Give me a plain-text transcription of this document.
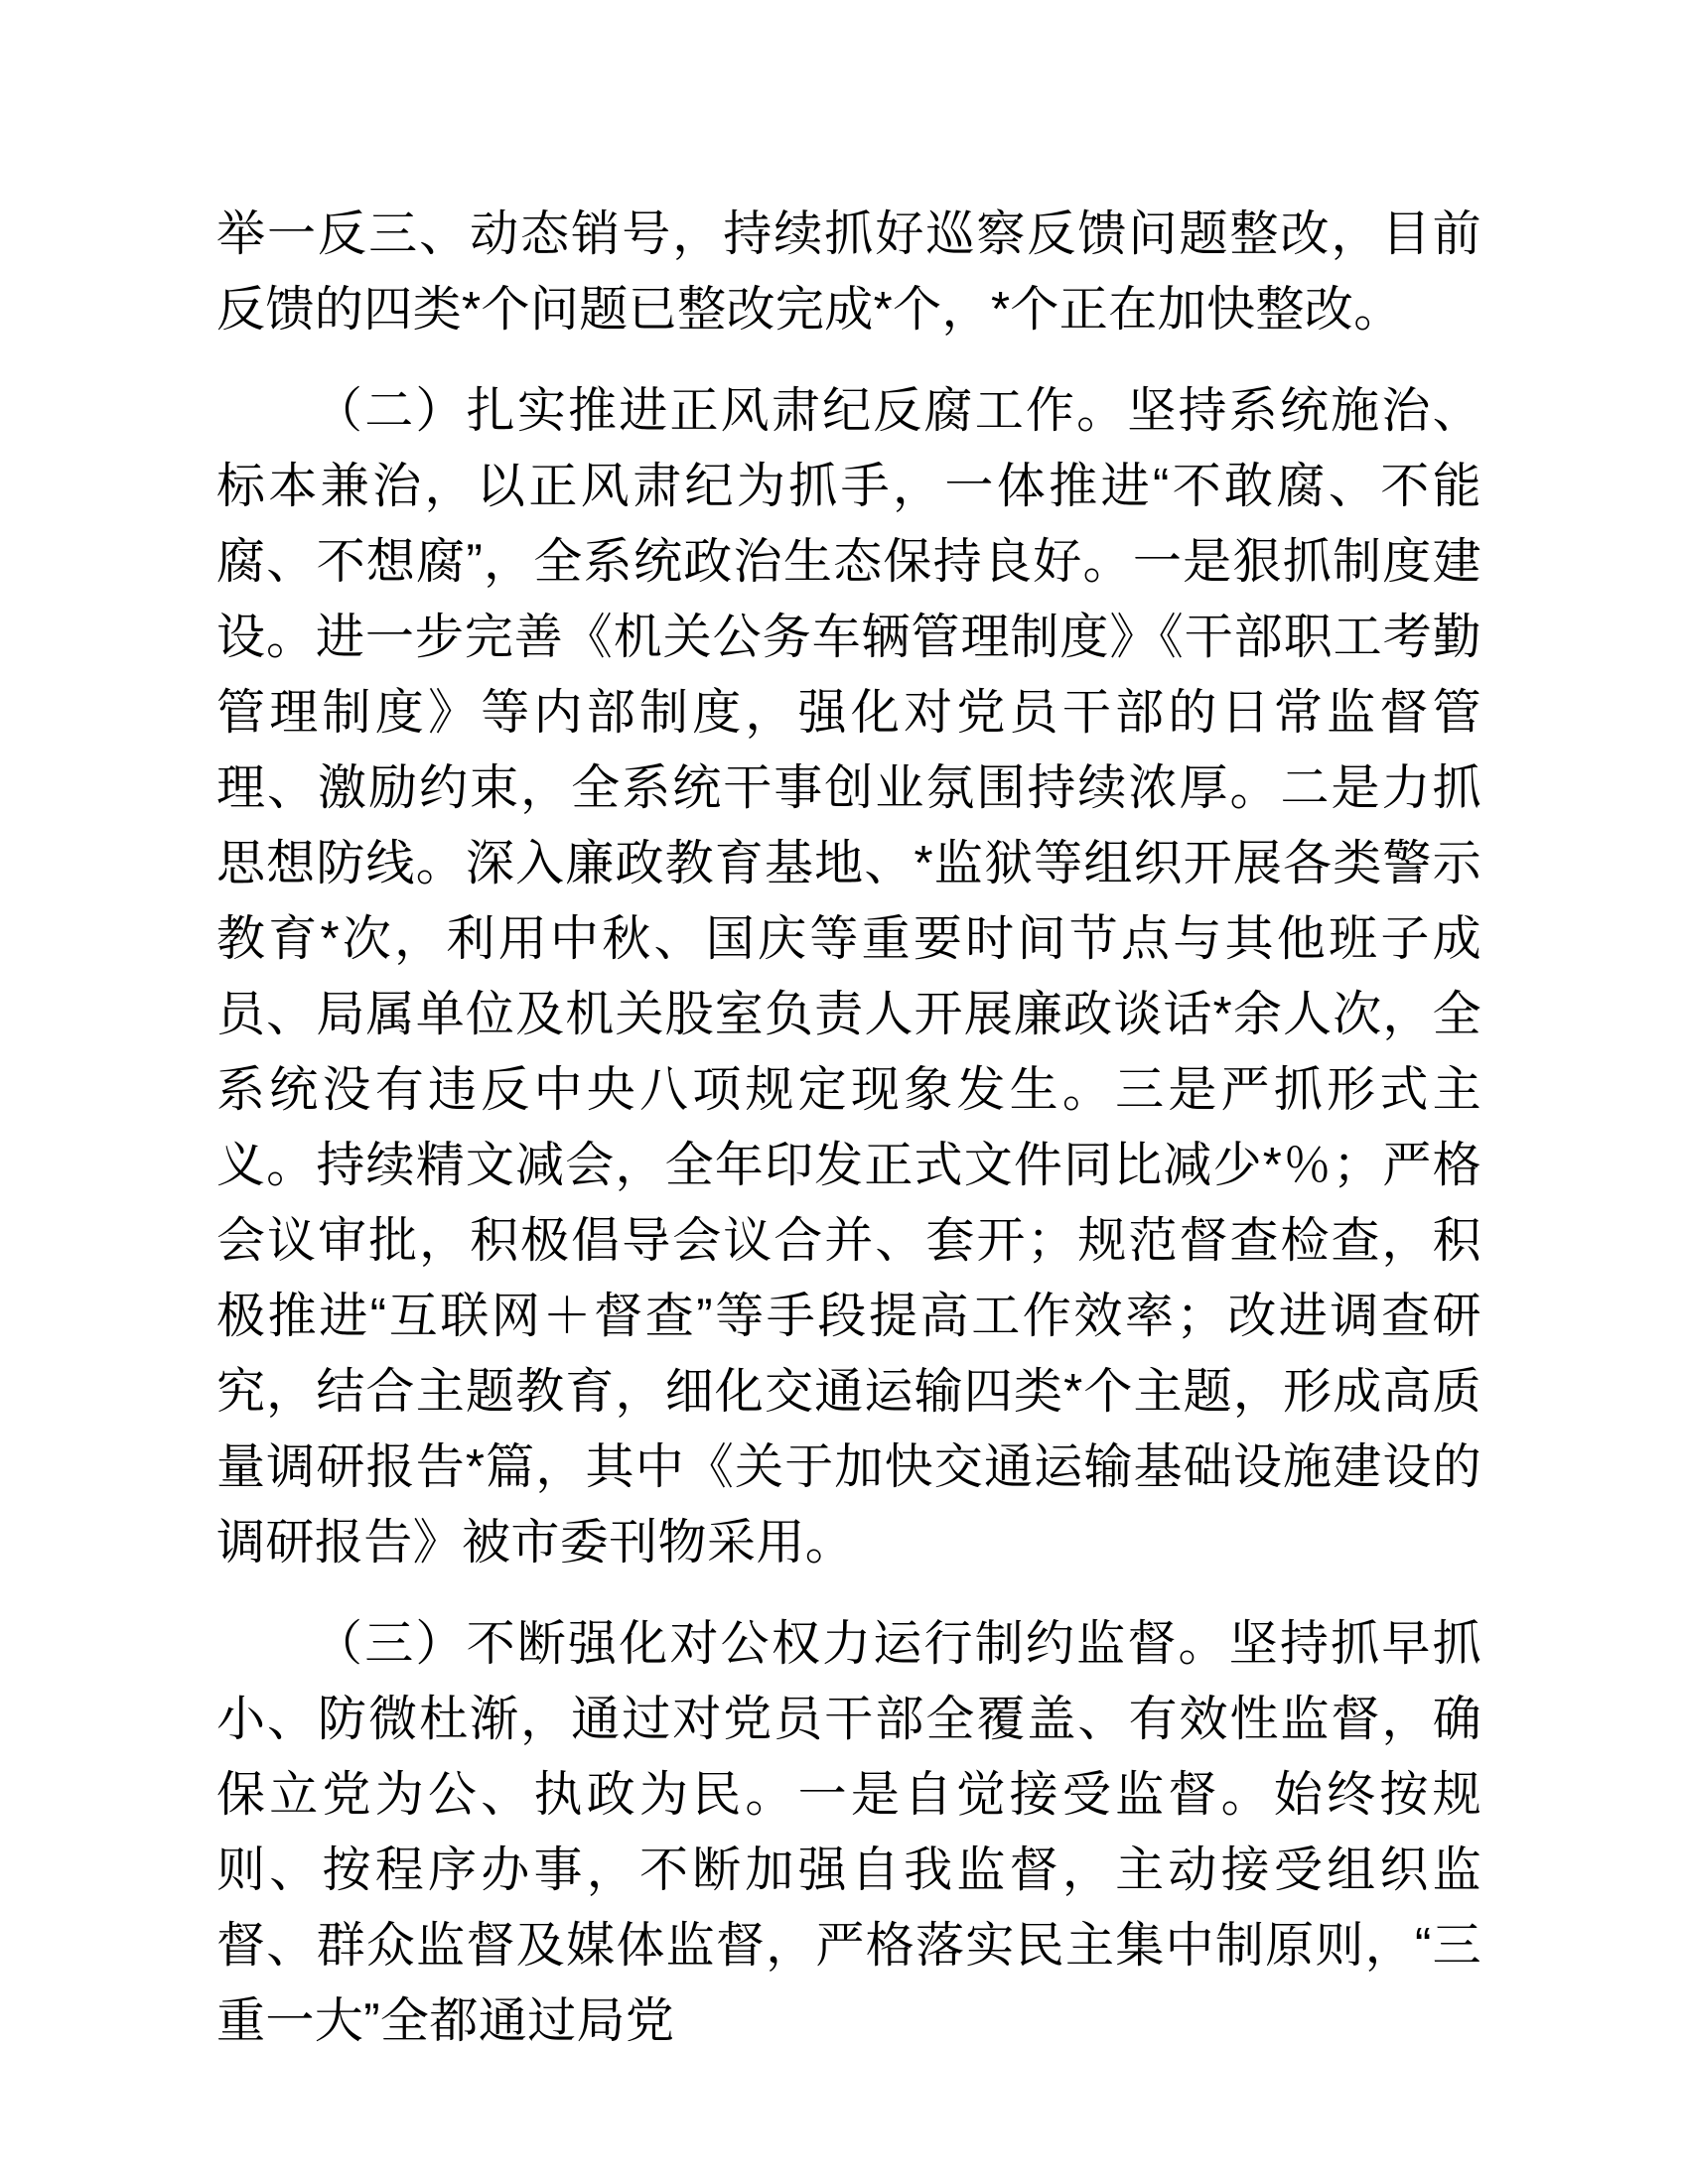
举一反三、动态销号，持续抓好巡察反馈问题整改，目前反馈的四类*个问题已整改完成*个，*个正在加快整改。

（二）扎实推进正风肃纪反腐工作。坚持系统施治、标本兼治，以正风肃纪为抓手，一体推进“不敢腐、不能腐、不想腐”，全系统政治生态保持良好。一是狠抓制度建设。进一步完善《机关公务车辆管理制度》《干部职工考勤管理制度》等内部制度，强化对党员干部的日常监督管理、激励约束，全系统干事创业氛围持续浓厚。二是力抓思想防线。深入廉政教育基地、*监狱等组织开展各类警示教育*次，利用中秋、国庆等重要时间节点与其他班子成员、局属单位及机关股室负责人开展廉政谈话*余人次，全系统没有违反中央八项规定现象发生。三是严抓形式主义。持续精文减会，全年印发正式文件同比减少*％；严格会议审批，积极倡导会议合并、套开；规范督查检查，积极推进“互联网＋督查”等手段提高工作效率；改进调查研究，结合主题教育，细化交通运输四类*个主题，形成高质量调研报告*篇，其中《关于加快交通运输基础设施建设的调研报告》被市委刊物采用。

（三）不断强化对公权力运行制约监督。坚持抓早抓小、防微杜渐，通过对党员干部全覆盖、有效性监督，确保立党为公、执政为民。一是自觉接受监督。始终按规则、按程序办事，不断加强自我监督，主动接受组织监督、群众监督及媒体监督，严格落实民主集中制原则，“三重一大”全都通过局党
